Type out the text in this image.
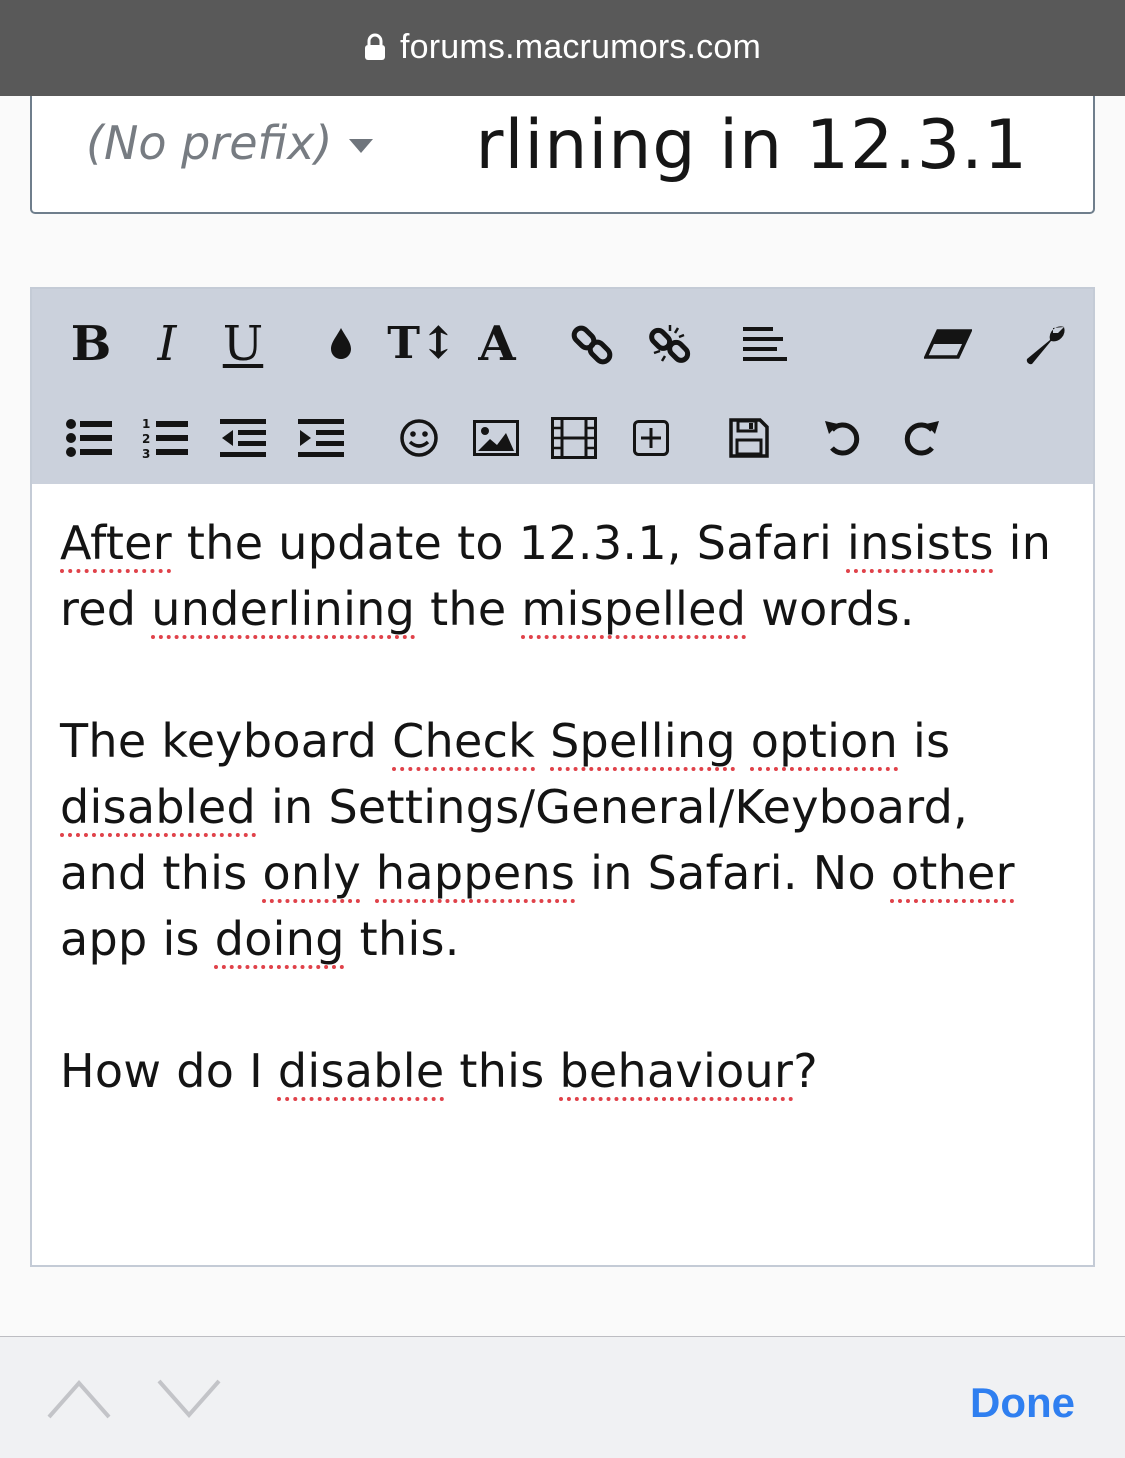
forums.macrumors.com
(No prefix) rlining in 12.3.1
B I U	T↕ A
1
2
3

After the update to 12.3.1, Safari insists in red underlining the mispelled words.

The keyboard Check Spelling option is disabled in Settings/General/Keyboard, and this only happens in Safari. No other app is doing this.

How do I disable this behaviour?

Done
